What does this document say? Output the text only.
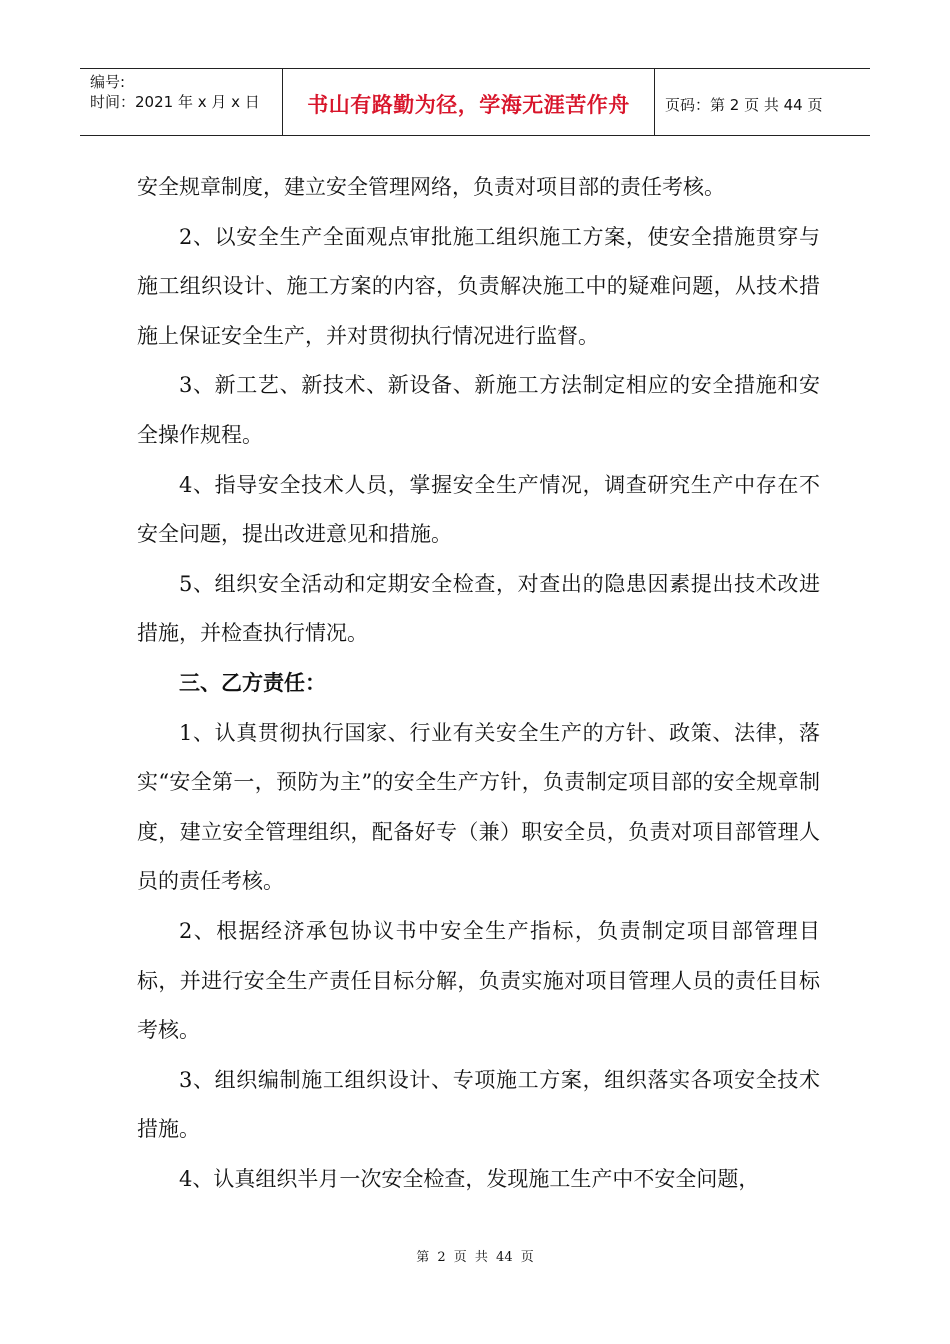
编号:
时间：2021 年 x 月 x 日	书山有路勤为径，学海无涯苦作舟 页码：第 2 页 共 44 页

安全规章制度，建立安全管理网络，负责对项目部的责任考核。

2、以安全生产全面观点审批施工组织施工方案，使安全措施贯穿与施工组织设计、施工方案的内容，负责解决施工中的疑难问题，从技术措施上保证安全生产，并对贯彻执行情况进行监督。

3、新工艺、新技术、新设备、新施工方法制定相应的安全措施和安全操作规程。

4、指导安全技术人员，掌握安全生产情况，调查研究生产中存在不安全问题，提出改进意见和措施。

5、组织安全活动和定期安全检查，对查出的隐患因素提出技术改进措施，并检查执行情况。

三、乙方责任：

1、认真贯彻执行国家、行业有关安全生产的方针、政策、法律，落实“安全第一，预防为主”的安全生产方针，负责制定项目部的安全规章制度，建立安全管理组织，配备好专（兼）职安全员，负责对项目部管理人员的责任考核。

2、根据经济承包协议书中安全生产指标，负责制定项目部管理目标，并进行安全生产责任目标分解，负责实施对项目管理人员的责任目标考核。

3、组织编制施工组织设计、专项施工方案，组织落实各项安全技术措施。

4、认真组织半月一次安全检查，发现施工生产中不安全问题，

第 2 页 共 44 页
